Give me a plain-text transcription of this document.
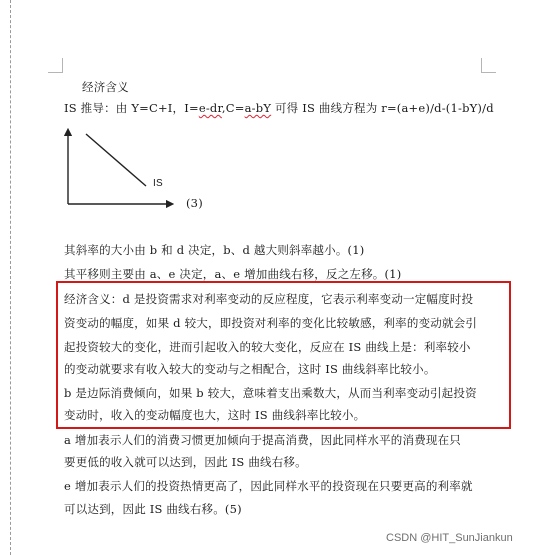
经济含义
IS 推导：由 Y=C+I，I=e-dr,C=a-bY 可得 IS 曲线方程为 r=(a+e)/d-(1-bY)/d
IS
(3)
其斜率的大小由 b 和 d 决定，b、d 越大则斜率越小。(1)
其平移则主要由 a、e 决定，a、e 增加曲线右移，反之左移。(1)
经济含义：d 是投资需求对利率变动的反应程度，它表示利率变动一定幅度时投
资变动的幅度，如果 d 较大，即投资对利率的变化比较敏感，利率的变动就会引
起投资较大的变化，进而引起收入的较大变化，反应在 IS 曲线上是：利率较小
的变动就要求有收入较大的变动与之相配合，这时 IS 曲线斜率比较小。
b 是边际消费倾向，如果 b 较大，意味着支出乘数大，从而当利率变动引起投资
变动时，收入的变动幅度也大，这时 IS 曲线斜率比较小。
a 增加表示人们的消费习惯更加倾向于提高消费，因此同样水平的消费现在只
要更低的收入就可以达到，因此 IS 曲线右移。
e 增加表示人们的投资热情更高了，因此同样水平的投资现在只要更高的利率就
可以达到，因此 IS 曲线右移。(5)
CSDN @HIT_SunJiankun
